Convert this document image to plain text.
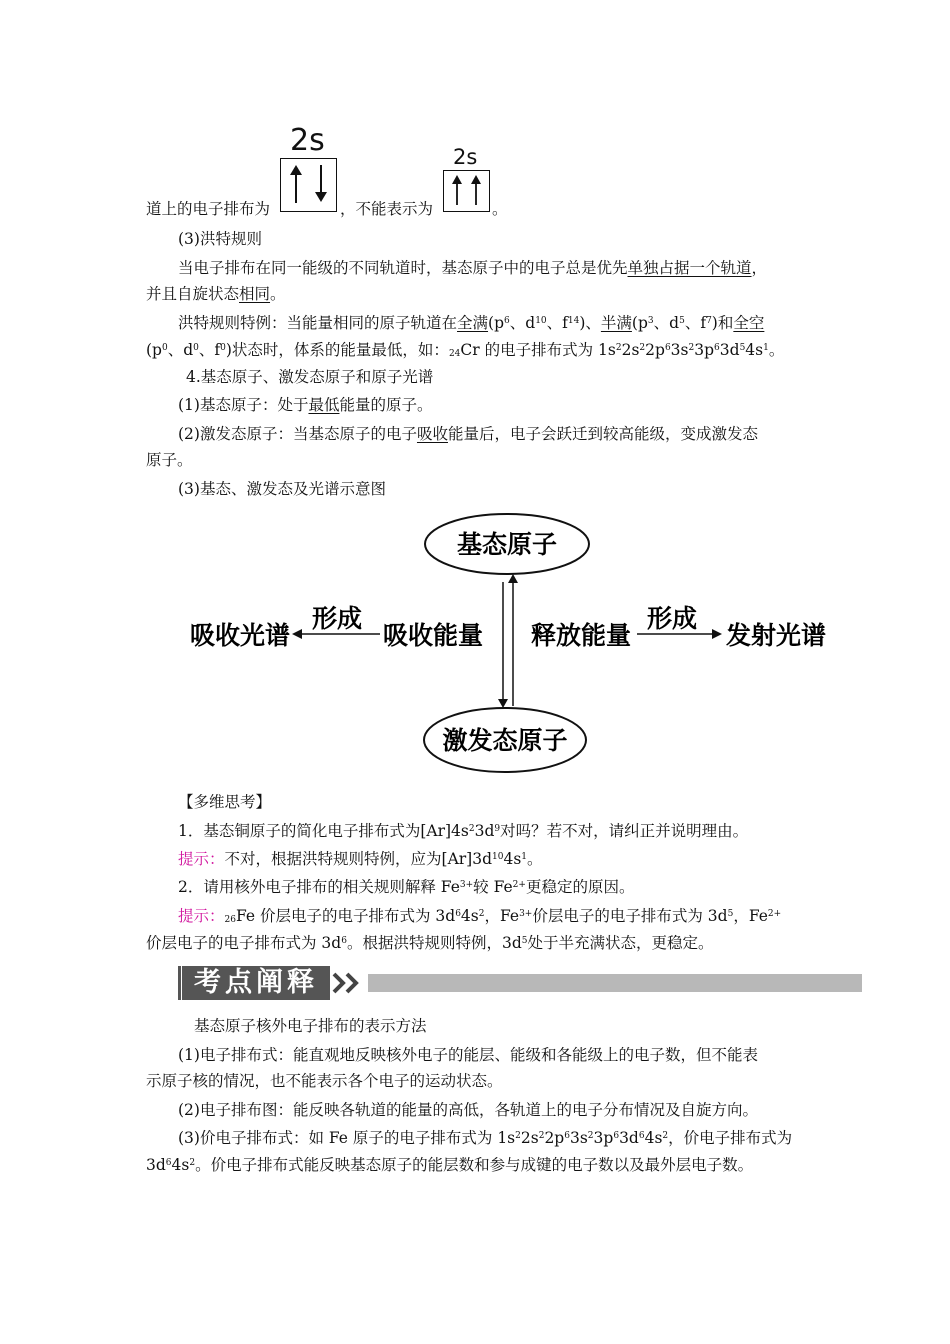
2s	2s
道上的电子排布为	，不能表示为	。
(3)洪特规则
当电子排布在同一能级的不同轨道时，基态原子中的电子总是优先单独占据一个轨道，
并且自旋状态相同。
洪特规则特例：当能量相同的原子轨道在全满($p^6$、$d^{10}$、$f^{14}$)、半满($p^3$、$d^5$、$f^7$)和全空
($p^0$、$d^0$、$f^0$)状态时，体系的能量最低，如：$_{24}$Cr 的电子排布式为 $1s^22s^22p^63s^23p^63d^54s^1$。
4.基态原子、激发态原子和原子光谱
(1)基态原子：处于最低能量的原子。
(2)激发态原子：当基态原子的电子吸收能量后，电子会跃迁到较高能级，变成激发态
原子。
(3)基态、激发态及光谱示意图
基态原子
激发态原子
吸收光谱
形成
吸收能量 释放能量
形成
发射光谱
【多维思考】
1．基态铜原子的简化电子排布式为$[Ar]4s^23d^9$对吗？若不对，请纠正并说明理由。
提示：不对，根据洪特规则特例，应为$[Ar]3d^{10}4s^1$。
2．请用核外电子排布的相关规则解释 $Fe^{3+}$较 $Fe^{2+}$更稳定的原因。
提示：$_{26}$Fe 价层电子的电子排布式为 $3d^64s^2$，$Fe^{3+}$价层电子的电子排布式为 $3d^5$，$Fe^{2+}$
价层电子的电子排布式为 $3d^6$。根据洪特规则特例，$3d^5$处于半充满状态，更稳定。
考点阐释
基态原子核外电子排布的表示方法
(1)电子排布式：能直观地反映核外电子的能层、能级和各能级上的电子数，但不能表
示原子核的情况，也不能表示各个电子的运动状态。
(2)电子排布图：能反映各轨道的能量的高低，各轨道上的电子分布情况及自旋方向。
(3)价电子排布式：如 Fe 原子的电子排布式为 $1s^22s^22p^63s^23p^63d^64s^2$，价电子排布式为
$3d^64s^2$。价电子排布式能反映基态原子的能层数和参与成键的电子数以及最外层电子数。
